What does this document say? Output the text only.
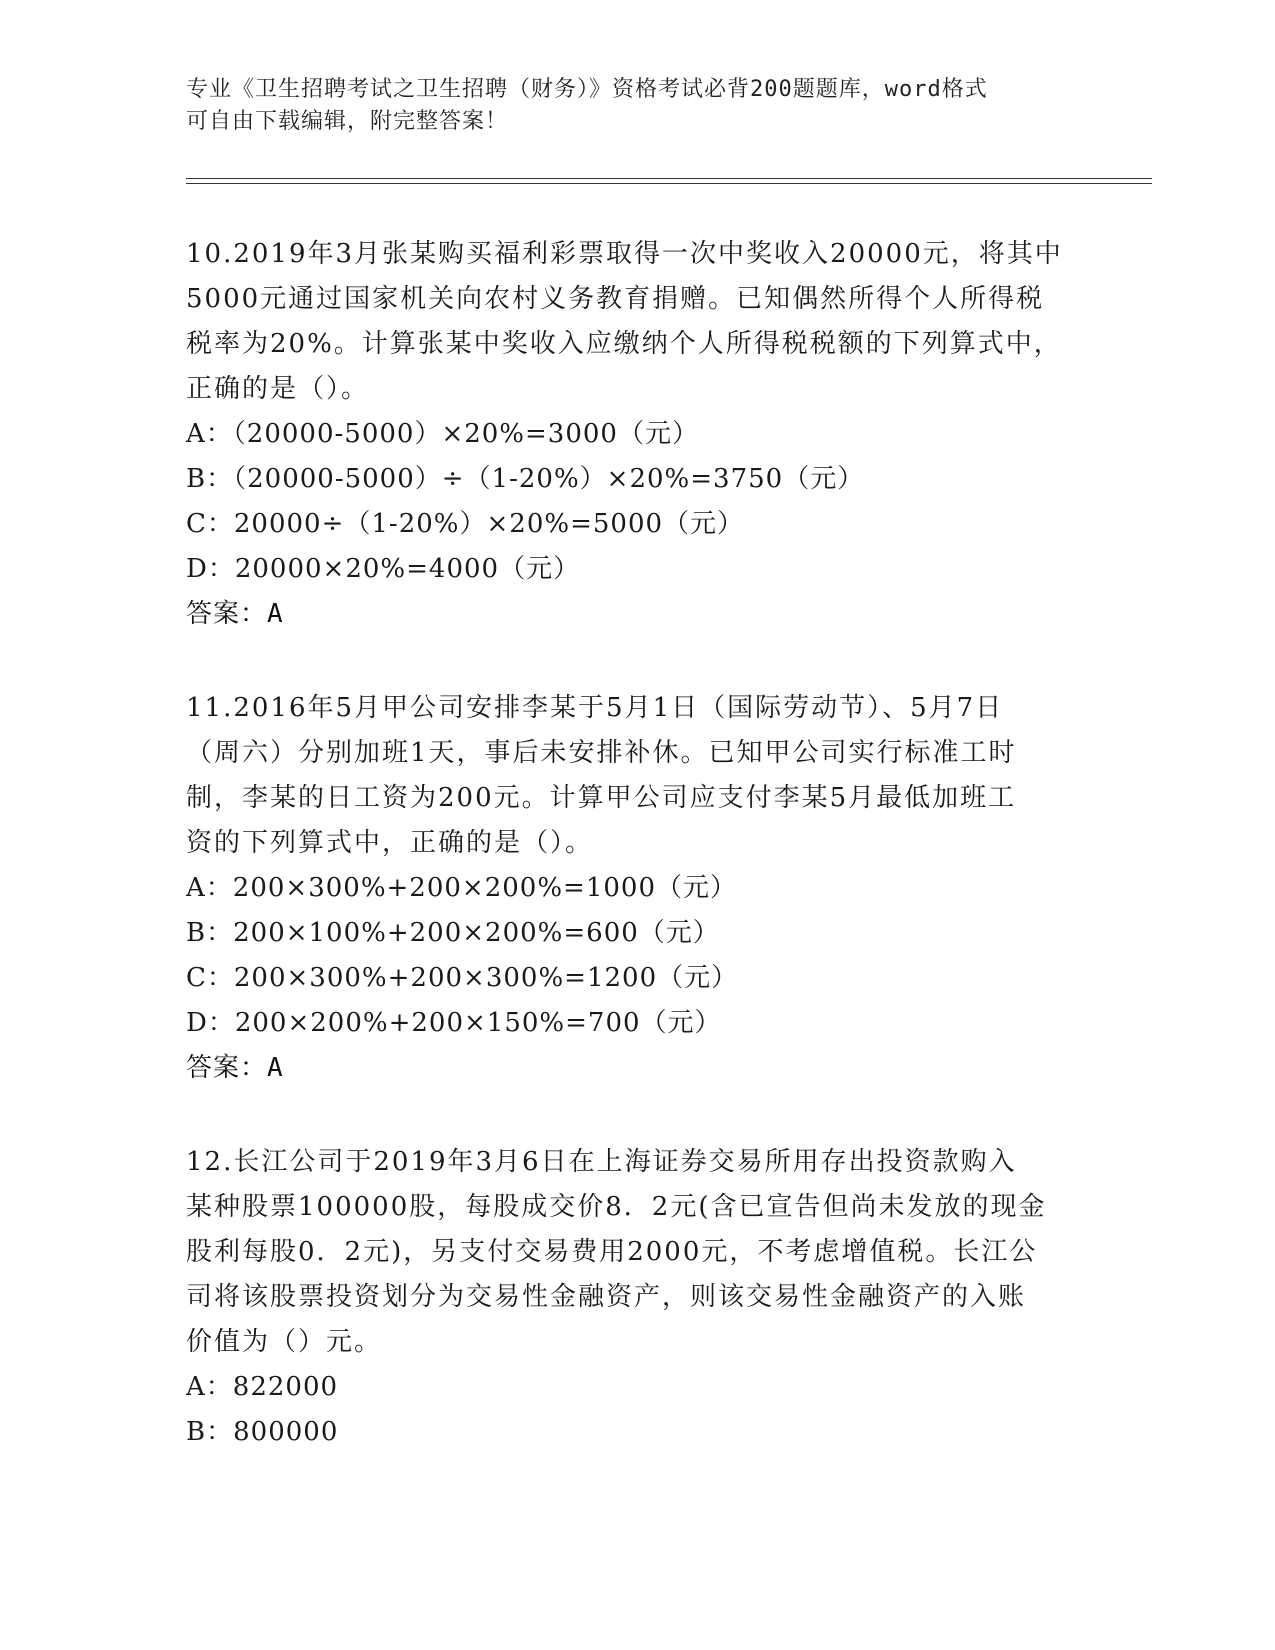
专业《卫生招聘考试之卫生招聘（财务）》资格考试必背200题题库，word格式
可自由下载编辑，附完整答案！

10.2019年3月张某购买福利彩票取得一次中奖收入20000元，将其中

5000元通过国家机关向农村义务教育捐赠。已知偶然所得个人所得税

税率为20%。计算张某中奖收入应缴纳个人所得税税额的下列算式中，

正确的是（）。

A：（20000-5000）×20%=3000（元）

B：（20000-5000）÷（1-20%）×20%=3750（元）

C：20000÷（1-20%）×20%=5000（元）

D：20000×20%=4000（元）

答案：A

11.2016年5月甲公司安排李某于5月1日（国际劳动节）、5月7日

（周六）分别加班1天，事后未安排补休。已知甲公司实行标准工时

制，李某的日工资为200元。计算甲公司应支付李某5月最低加班工

资的下列算式中，正确的是（）。

A：200×300%+200×200%=1000（元）

B：200×100%+200×200%=600（元）

C：200×300%+200×300%=1200（元）

D：200×200%+200×150%=700（元）

答案：A

12.长江公司于2019年3月6日在上海证券交易所用存出投资款购入

某种股票100000股，每股成交价8．2元(含已宣告但尚未发放的现金

股利每股0．2元)，另支付交易费用2000元，不考虑增值税。长江公

司将该股票投资划分为交易性金融资产，则该交易性金融资产的入账

价值为（）元。

A：822000

B：800000
